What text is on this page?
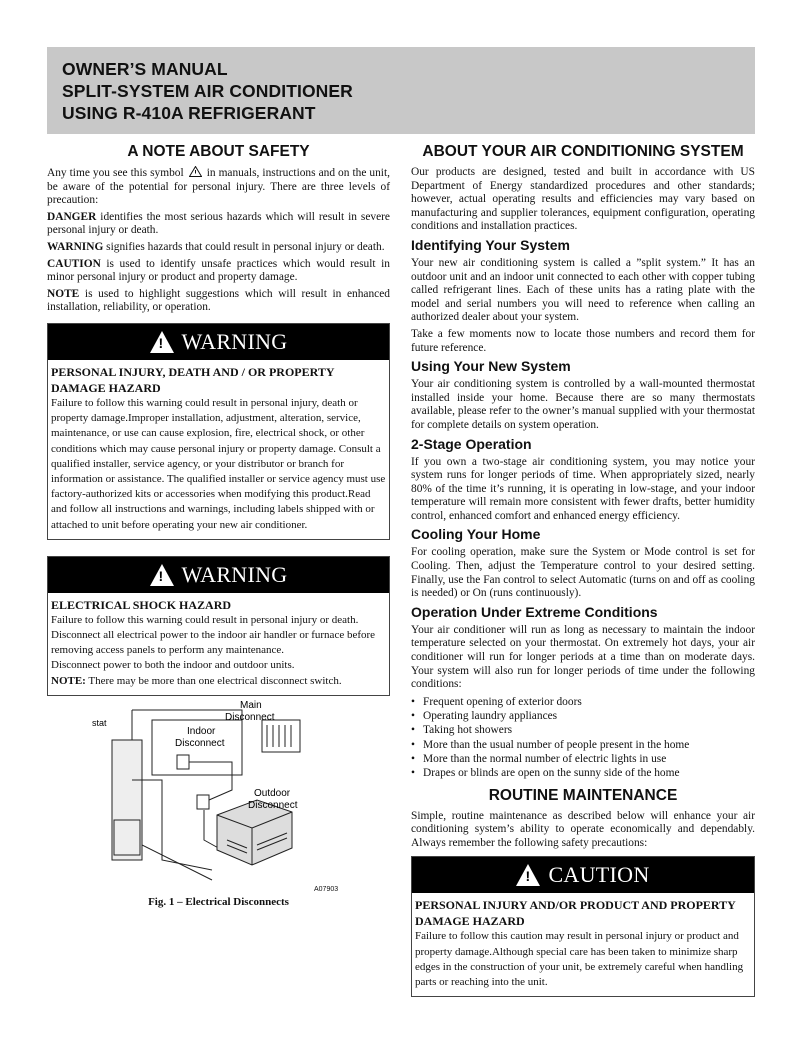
OWNER’S MANUAL
SPLIT-SYSTEM AIR CONDITIONER
USING R-410A REFRIGERANT
A NOTE ABOUT SAFETY

Any time you see this symbol in manuals, instructions and on the unit, be aware of the potential for personal injury. There are three levels of precaution:

DANGER identifies the most serious hazards which will result in severe personal injury or death.

WARNING signifies hazards that could result in personal injury or death.

CAUTION is used to identify unsafe practices which would result in minor personal injury or product and property damage.

NOTE is used to highlight suggestions which will result in enhanced installation, reliability, or operation.

! WARNING
PERSONAL INJURY, DEATH AND / OR PROPERTY DAMAGE HAZARD

Failure to follow this warning could result in personal injury, death or property damage.Improper installation, adjustment, alteration, service, maintenance, or use can cause explosion, fire, electrical shock, or other conditions which may cause personal injury or property damage. Consult a qualified installer, service agency, or your distributor or branch for information or assistance. The qualified installer or service agency must use factory-authorized kits or accessories when modifying this product.Read and follow all instructions and warnings, including labels shipped with or attached to unit before operating your new air conditioner.

! WARNING
ELECTRICAL SHOCK HAZARD

Failure to follow this warning could result in personal injury or death.

Disconnect all electrical power to the indoor air handler or furnace before removing access panels to perform any maintenance.

Disconnect power to both the indoor and outdoor units.

NOTE: There may be more than one electrical disconnect switch.

stat
Indoor
Disconnect
Main
Disconnect
Outdoor
Disconnect
A07903
Fig. 1 – Electrical Disconnects
ABOUT YOUR AIR CONDITIONING SYSTEM

Our products are designed, tested and built in accordance with US Department of Energy standardized procedures and other standards; however, actual operating results and efficiencies may vary based on manufacturing and supplier tolerances, equipment configuration, operating conditions and installation practices.

Identifying Your System

Your new air conditioning system is called a ”split system.” It has an outdoor unit and an indoor unit connected to each other with copper tubing called refrigerant lines. Each of these units has a rating plate with the model and serial numbers you will need to reference when calling an authorized dealer about your system.

Take a few moments now to locate those numbers and record them for future reference.

Using Your New System

Your air conditioning system is controlled by a wall-mounted thermostat installed inside your home. Because there are so many thermostats available, please refer to the owner’s manual supplied with your thermostat for complete details on system operation.

2-Stage Operation

If you own a two-stage air conditioning system, you may notice your system runs for longer periods of time. When appropriately sized, nearly 80% of the time it’s running, it is operating in low-stage, and your indoor temperature will remain more consistent with fewer drafts, better humidity control, enhanced comfort and enhanced energy efficiency.

Cooling Your Home

For cooling operation, make sure the System or Mode control is set for Cooling. Then, adjust the Temperature control to your desired setting. Finally, use the Fan control to select Automatic (turns on and off as cooling is needed) or On (runs continuously).

Operation Under Extreme Conditions

Your air conditioner will run as long as necessary to maintain the indoor temperature selected on your thermostat. On extremely hot days, your air conditioner will run for longer periods at a time than on moderate days. Your system will also run for longer periods of time under the following conditions:

• Frequent opening of exterior doors
• Operating laundry appliances
• Taking hot showers
• More than the usual number of people present in the home
• More than the normal number of electric lights in use
• Drapes or blinds are open on the sunny side of the home
ROUTINE MAINTENANCE

Simple, routine maintenance as described below will enhance your air conditioning system’s ability to operate economically and dependably. Always remember the following safety precautions:

! CAUTION
PERSONAL INJURY AND/OR PRODUCT AND PROPERTY DAMAGE HAZARD

Failure to follow this caution may result in personal injury or product and property damage.Although special care has been taken to minimize sharp edges in the construction of your unit, be extremely careful when handling parts or reaching into the unit.
